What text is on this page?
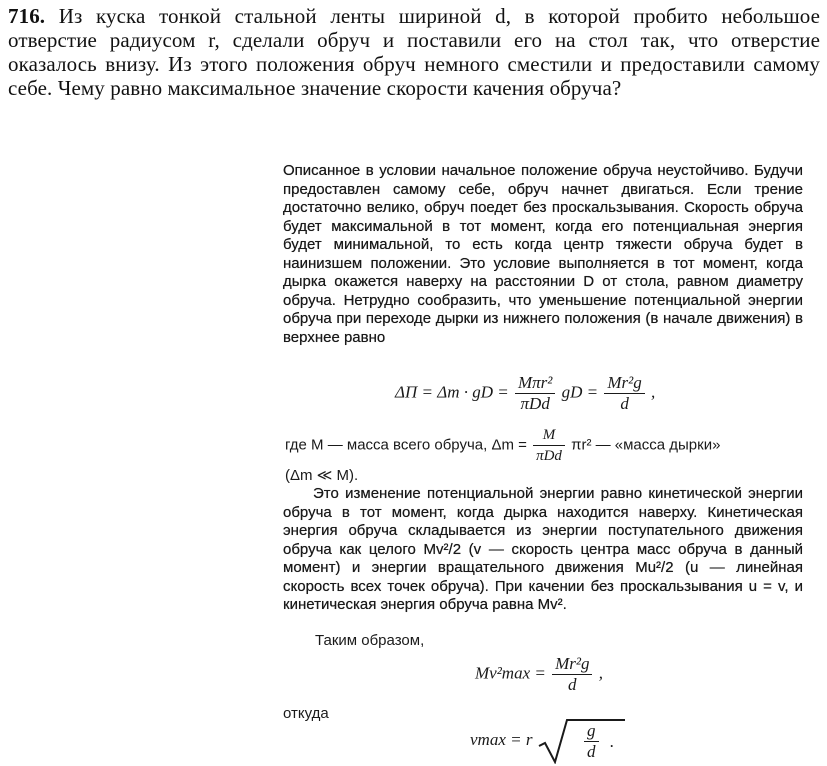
716. Из куска тонкой стальной ленты шириной d, в которой пробито небольшое отверстие радиусом r, сделали обруч и поставили его на стол так, что отверстие оказалось внизу. Из этого положения обруч немного сместили и предоставили самому себе. Чему равно максимальное значение скорости качения обруча?

Описанное в условии начальное положение обруча неустойчиво. Будучи предоставлен самому себе, обруч начнет двигаться. Если трение достаточно велико, обруч поедет без проскальзывания. Скорость обруча будет максимальной в тот момент, когда его потенциальная энергия будет минимальной, то есть когда центр тяжести обруча будет в наинизшем положении. Это условие выполняется в тот момент, когда дырка окажется наверху на расстоянии D от стола, равном диаметру обруча. Нетрудно сообразить, что уменьшение потенциальной энергии обруча при переходе дырки из нижнего положения (в начале движения) в верхнее равно

ΔП = Δm · gD = $\frac{\text{Mπr²}}{\text{πDd}}$ gD = $\frac{\text{Mr²g}}{d}$ ,
где M — масса всего обруча, $\Delta m = \frac{M}{\text{πDd}} \pi r^2$ — «масса дырки»
(Δm ≪ M).

Это изменение потенциальной энергии равно кинетической энергии обруча в тот момент, когда дырка находится наверху. Кинетическая энергия обруча складывается из энергии поступательного движения обруча как целого Mv²/2 (v — скорость центра масс обруча в данный момент) и энергии вращательного движения Mu²/2 (u — линейная скорость всех точек обруча). При качении без проскальзывания u = v, и кинетическая энергия обруча равна Mv².

Таким образом,
$Mv^2\max = \frac{\text{Mr²g}}{d}$ ,
откуда
vmax = r	$\frac{g}{d}$ .
